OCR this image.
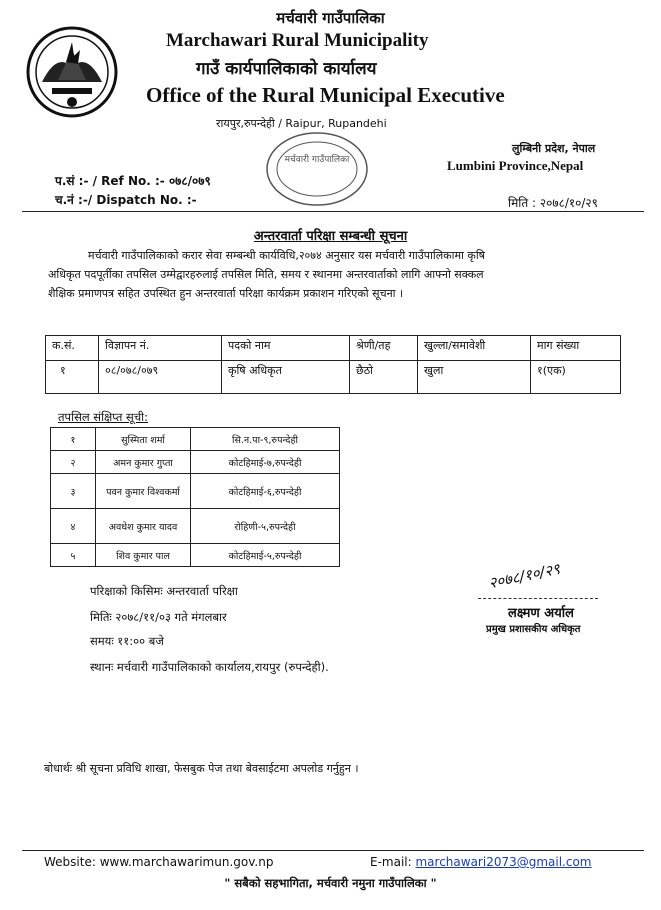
मर्चवारी गाउँपालिका
Marchawari Rural Municipality
गाउँ कार्यपालिकाको कार्यालय
Office of the Rural Municipal Executive
रायपुर,रुपन्देही / Raipur, Rupandehi
लुम्बिनी प्रदेश, नेपाल
Lumbini Province,Nepal
मर्चवारी गाउँपालिका
प.सं :- / Ref No. :- ०७८/०७९
च.नं :-/ Dispatch No. :-	मिति : २०७८/१०/२९
अन्तरवार्ता परिक्षा सम्बन्धी सूचना
मर्चवारी गाउँपालिकाको करार सेवा सम्बन्धी कार्यविधि,२०७४ अनुसार यस मर्चवारी गाउँपालिकामा कृषि
अधिकृत पदपूर्तीका तपसिल उम्मेद्वारहरुलाई तपसिल मिति, समय र स्थानमा अन्तरवार्ताको लागि आफ्नो सक्कल
शैक्षिक प्रमाणपत्र सहित उपस्थित हुन अन्तरवार्ता परिक्षा कार्यक्रम प्रकाशन गरिएको सूचना ।
क.सं.	विज्ञापन नं.	पदको नाम	श्रेणी/तह	खुल्ला/समावेशी	माग संख्या
१	०८/०७८/०७९	कृषि अधिकृत	छैठो	खुला	१(एक)
तपसिल संक्षिप्त सूची:
१	सुस्मिता शर्मा	सि.न.पा-९,रुपन्देही
२	अमन कुमार गुप्ता	कोटहिमाई-७,रुपन्देही
३	पवन कुमार विश्वकर्मा	कोटहिमाई-६,रुपन्देही
४	अवधेश कुमार यादव	रोहिणी-५,रुपन्देही
५	शिव कुमार पाल	कोटहिमाई-५,रुपन्देही
परिक्षाको किसिमः अन्तरवार्ता परिक्षा
मितिः २०७८/११/०३ गते मंगलबार
समयः ११:०० बजे
स्थानः मर्चवारी गाउँपालिकाको कार्यालय,रायपुर (रुपन्देही).
२०७८/१०/२९
लक्ष्मण अर्याल
प्रमुख प्रशासकीय अधिकृत
बोधार्थः श्री सूचना प्रविधि शाखा, फेसबुक पेज तथा बेवसाईटमा अपलोड गर्नुहुन ।
Website: www.marchawarimun.gov.np	E-mail: marchawari2073@gmail.com
" सबैको सहभागिता, मर्चवारी नमुना गाउँपालिका "
